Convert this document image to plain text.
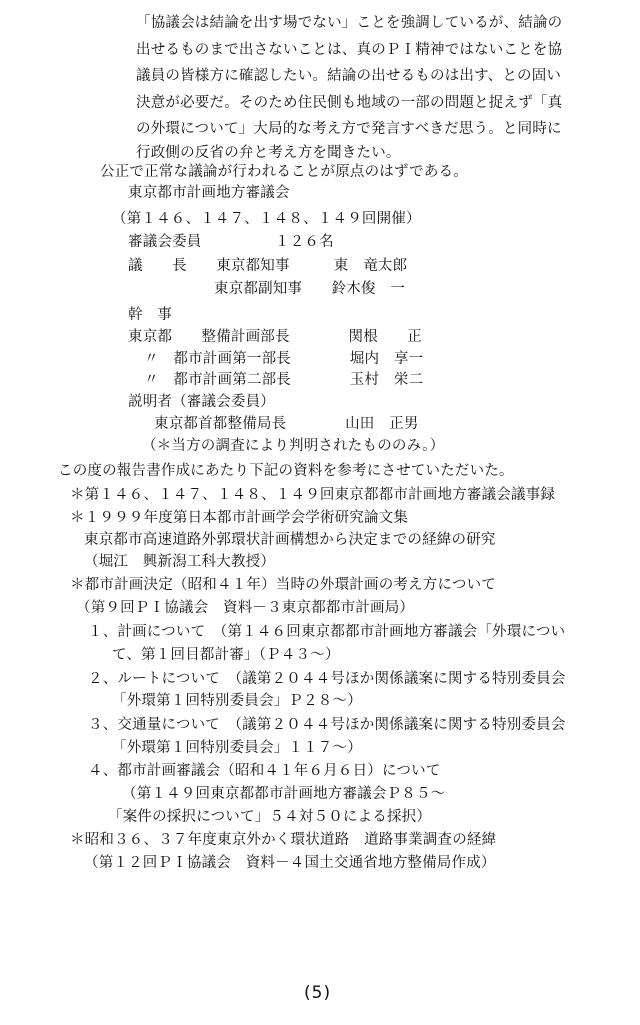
「協議会は結論を出す場でない」ことを強調しているが、結論の
出せるものまで出さないことは、真のＰＩ精神ではないことを協
議員の皆様方に確認したい。結論の出せるものは出す、との固い
決意が必要だ。そのため住民側も地域の一部の問題と捉えず「真
の外環について」大局的な考え方で発言すべきだ思う。と同時に
行政側の反省の弁と考え方を聞きたい。
公正で正常な議論が行われることが原点のはずである。
東京都市計画地方審議会
（第１４６、１４７、１４８、１４９回開催）
審議会委員　　　　　１２６名
議　　長　　東京都知事　　　東　竜太郎
東京都副知事　　鈴木俊　一
幹　事
東京都　　整備計画部長　　　　関根　　正
〃　都市計画第一部長　　　　堀内　享一
〃　都市計画第二部長　　　　玉村　栄二
説明者（審議会委員）
東京都首都整備局長　　　　山田　正男
（＊当方の調査により判明されたもののみ。）
この度の報告書作成にあたり下記の資料を参考にさせていただいた。
＊第１４６、１４７、１４８、１４９回東京都都市計画地方審議会議事録
＊１９９９年度第日本都市計画学会学術研究論文集
東京都市高速道路外郭環状計画構想から決定までの経緯の研究
（堀江　興新潟工科大教授）
＊都市計画決定（昭和４１年）当時の外環計画の考え方について
（第９回ＰＩ協議会　資料－３東京都都市計画局）
１、計画について　（第１４６回東京都都市計画地方審議会「外環につい
て、第１回目都計審」（Ｐ４３～）
２、ルートについて　（議第２０４４号ほか関係議案に関する特別委員会
「外環第１回特別委員会」Ｐ２８～）
３、交通量について　（議第２０４４号ほか関係議案に関する特別委員会
「外環第１回特別委員会」１１７～）
４、都市計画審議会（昭和４１年６月６日）について
（第１４９回東京都都市計画地方審議会Ｐ８５～
「案件の採択について」５４対５０による採択）
＊昭和３６、３７年度東京外かく環状道路　道路事業調査の経緯
（第１２回ＰＩ協議会　資料－４国土交通省地方整備局作成）
(5)
